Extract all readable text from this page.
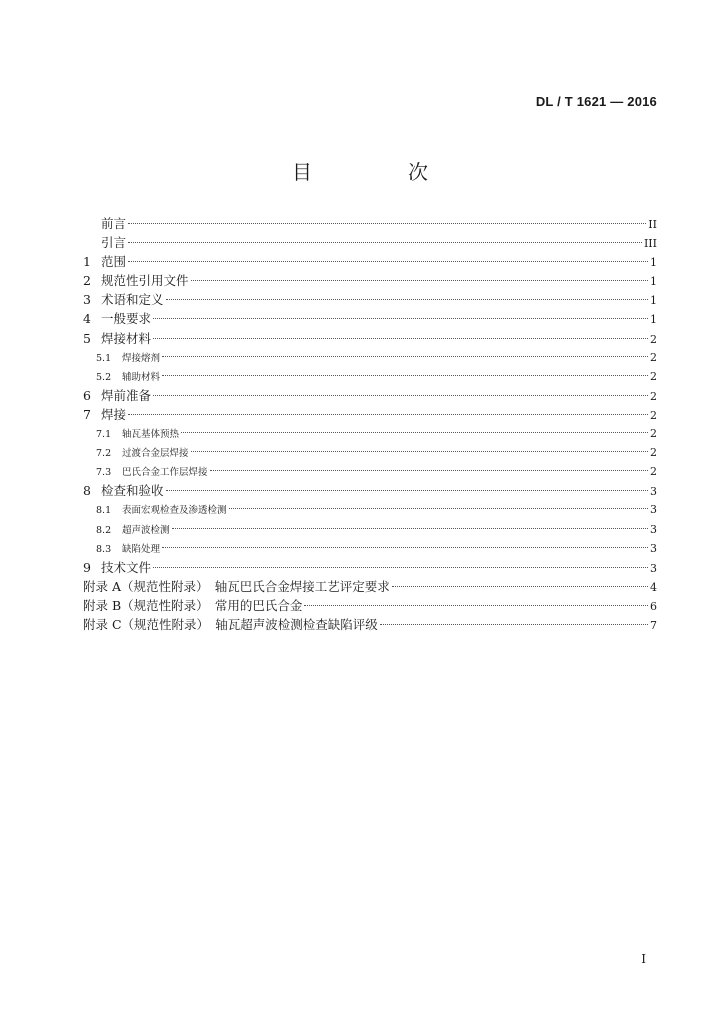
DL / T 1621 — 2016
目　次
前言	II
引言	III
1 范围	1
2 规范性引用文件	1
3 术语和定义	1
4 一般要求	1
5 焊接材料	2
5.1	焊接熔剂	2
5.2	辅助材料	2
6 焊前准备	2
7 焊接	2
7.1	轴瓦基体预热	2
7.2	过渡合金层焊接	2
7.3	巴氏合金工作层焊接	2
8 检查和验收	3
8.1	表面宏观检查及渗透检测	3
8.2	超声波检测	3
8.3	缺陷处理	3
9 技术文件	3
附录 A（规范性附录）　轴瓦巴氏合金焊接工艺评定要求	4
附录 B（规范性附录）　常用的巴氏合金	6
附录 C（规范性附录）　轴瓦超声波检测检查缺陷评级	7
I
